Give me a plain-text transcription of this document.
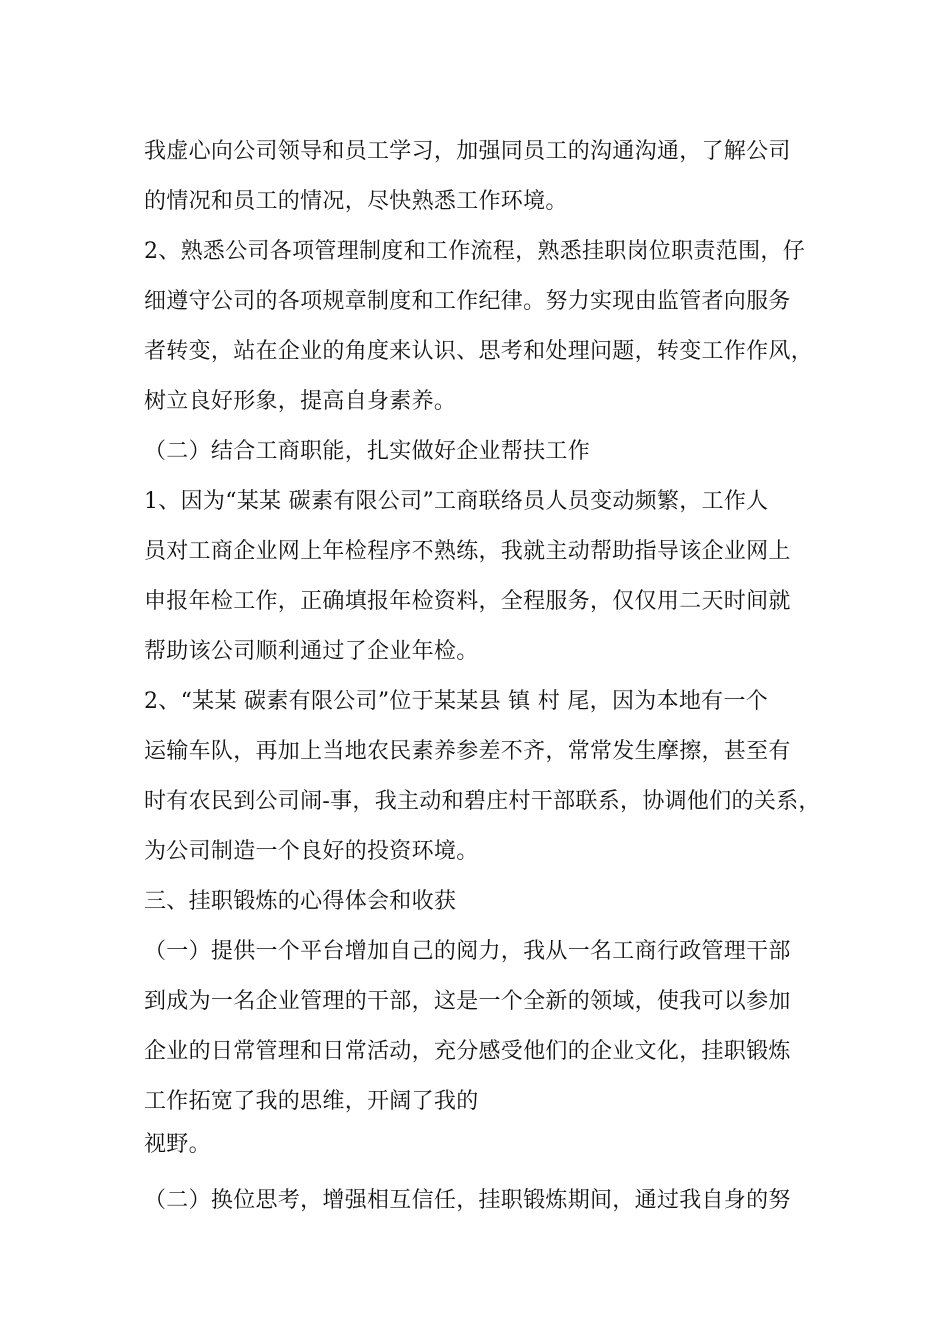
我虚心向公司领导和员工学习，加强同员工的沟通沟通，了解公司
的情况和员工的情况，尽快熟悉工作环境。
2、熟悉公司各项管理制度和工作流程，熟悉挂职岗位职责范围，仔
细遵守公司的各项规章制度和工作纪律。努力实现由监管者向服务
者转变，站在企业的角度来认识、思考和处理问题，转变工作作风，
树立良好形象，提高自身素养。
（二）结合工商职能，扎实做好企业帮扶工作
1、因为“某某 碳素有限公司”工商联络员人员变动频繁，工作人
员对工商企业网上年检程序不熟练，我就主动帮助指导该企业网上
申报年检工作，正确填报年检资料，全程服务，仅仅用二天时间就
帮助该公司顺利通过了企业年检。
2、“某某 碳素有限公司”位于某某县 镇 村 尾，因为本地有一个
运输车队，再加上当地农民素养参差不齐，常常发生摩擦，甚至有
时有农民到公司闹-事，我主动和碧庄村干部联系，协调他们的关系，
为公司制造一个良好的投资环境。
三、挂职锻炼的心得体会和收获
（一）提供一个平台增加自己的阅力，我从一名工商行政管理干部
到成为一名企业管理的干部，这是一个全新的领域，使我可以参加
企业的日常管理和日常活动，充分感受他们的企业文化，挂职锻炼
工作拓宽了我的思维，开阔了我的
视野。
（二）换位思考，增强相互信任，挂职锻炼期间，通过我自身的努
